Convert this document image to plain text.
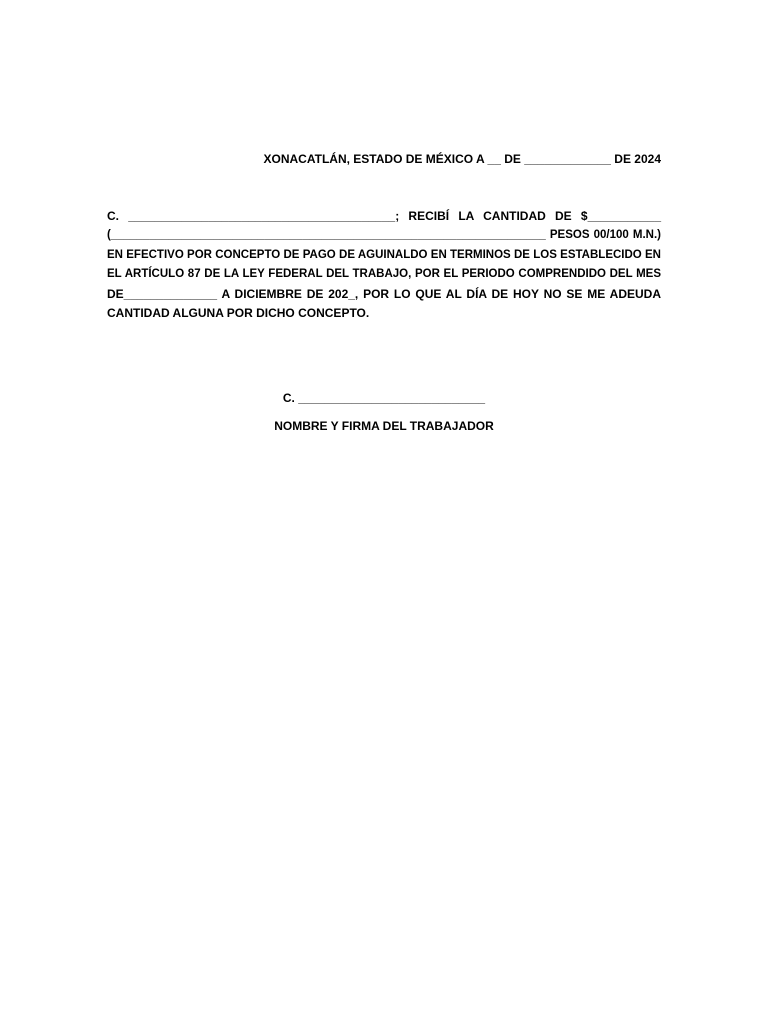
XONACATLÁN, ESTADO DE MÉXICO A __ DE _____________ DE 2024
C. ________________________________________; RECIBÍ LA CANTIDAD DE $___________
(____________________________________________________________________ PESOS 00/100 M.N.)
EN EFECTIVO POR CONCEPTO DE PAGO DE AGUINALDO EN TERMINOS DE LOS ESTABLECIDO EN
EL ARTÍCULO 87 DE LA LEY FEDERAL DEL TRABAJO, POR EL PERIODO COMPRENDIDO DEL MES
DE______________ A DICIEMBRE DE 202_, POR LO QUE AL DÍA DE HOY NO SE ME ADEUDA
CANTIDAD ALGUNA POR DICHO CONCEPTO.
C. ____________________________
NOMBRE Y FIRMA DEL TRABAJADOR
